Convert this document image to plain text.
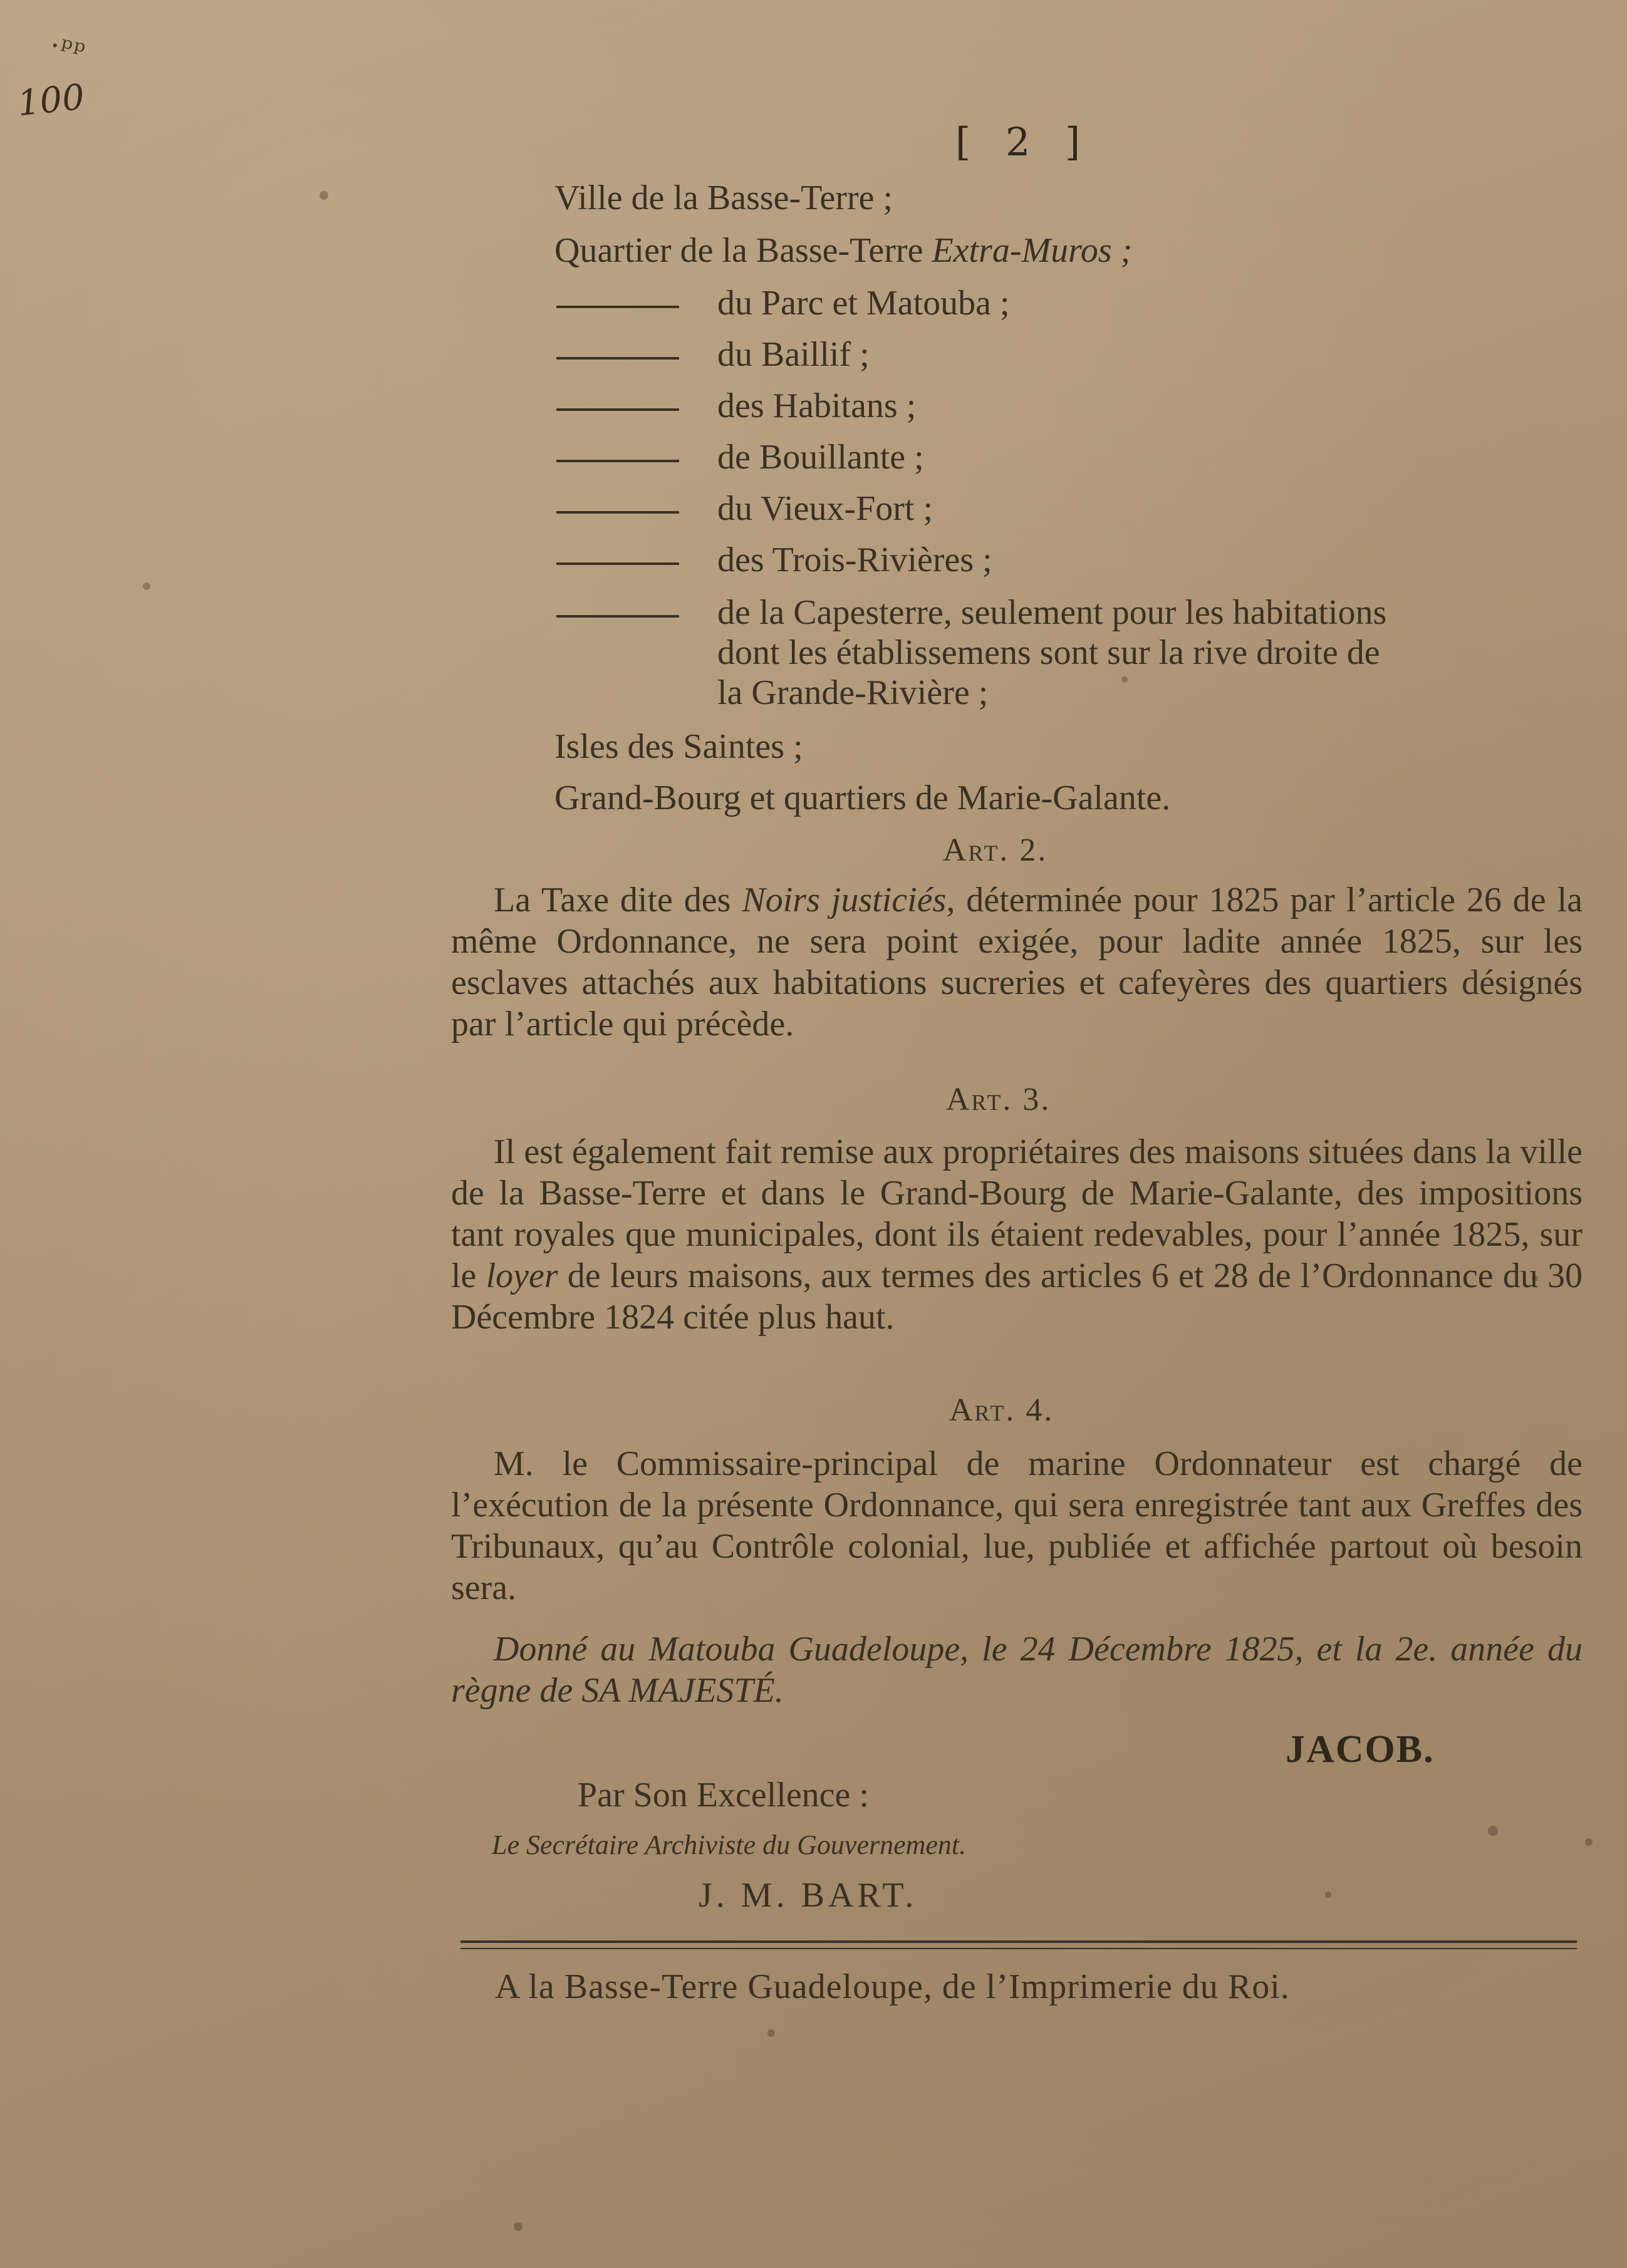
·ᵖᵖ
100
[ 2 ]
Ville de la Basse-Terre ;
Quartier de la Basse-Terre Extra-Muros ;
du Parc et Matouba ;
du Baillif ;
des Habitans ;
de Bouillante ;
du Vieux-Fort ;
des Trois-Rivières ;
de la Capesterre, seulement pour les habitations
dont les établissemens sont sur la rive droite de
la Grande-Rivière ;
Isles des Saintes ;
Grand-Bourg et quartiers de Marie-Galante.
Art. 2.
La Taxe dite des Noirs justiciés, déterminée pour 1825 par l’article 26 de la même Ordonnance, ne sera point exigée, pour ladite année 1825, sur les esclaves attachés aux habitations sucreries et cafeyères des quartiers désignés par l’article qui précède.
Art. 3.
Il est également fait remise aux propriétaires des maisons situées dans la ville de la Basse-Terre et dans le Grand-Bourg de Marie-Galante, des impositions tant royales que municipales, dont ils étaient redevables, pour l’année 1825, sur le loyer de leurs maisons, aux termes des articles 6 et 28 de l’Ordonnance du 30 Décembre 1824 citée plus haut.
Art. 4.
M. le Commissaire-principal de marine Ordonnateur est chargé de l’exécution de la présente Ordonnance, qui sera enregistrée tant aux Greffes des Tribunaux, qu’au Contrôle colonial, lue, publiée et affichée partout où besoin sera.
Donné au Matouba Guadeloupe, le 24 Décembre 1825, et la 2e. année du règne de SA MAJESTÉ.
JACOB.
Par Son Excellence :
Le Secrétaire Archiviste du Gouvernement.
J. M. BART.
A la Basse-Terre Guadeloupe, de l’Imprimerie du Roi.
